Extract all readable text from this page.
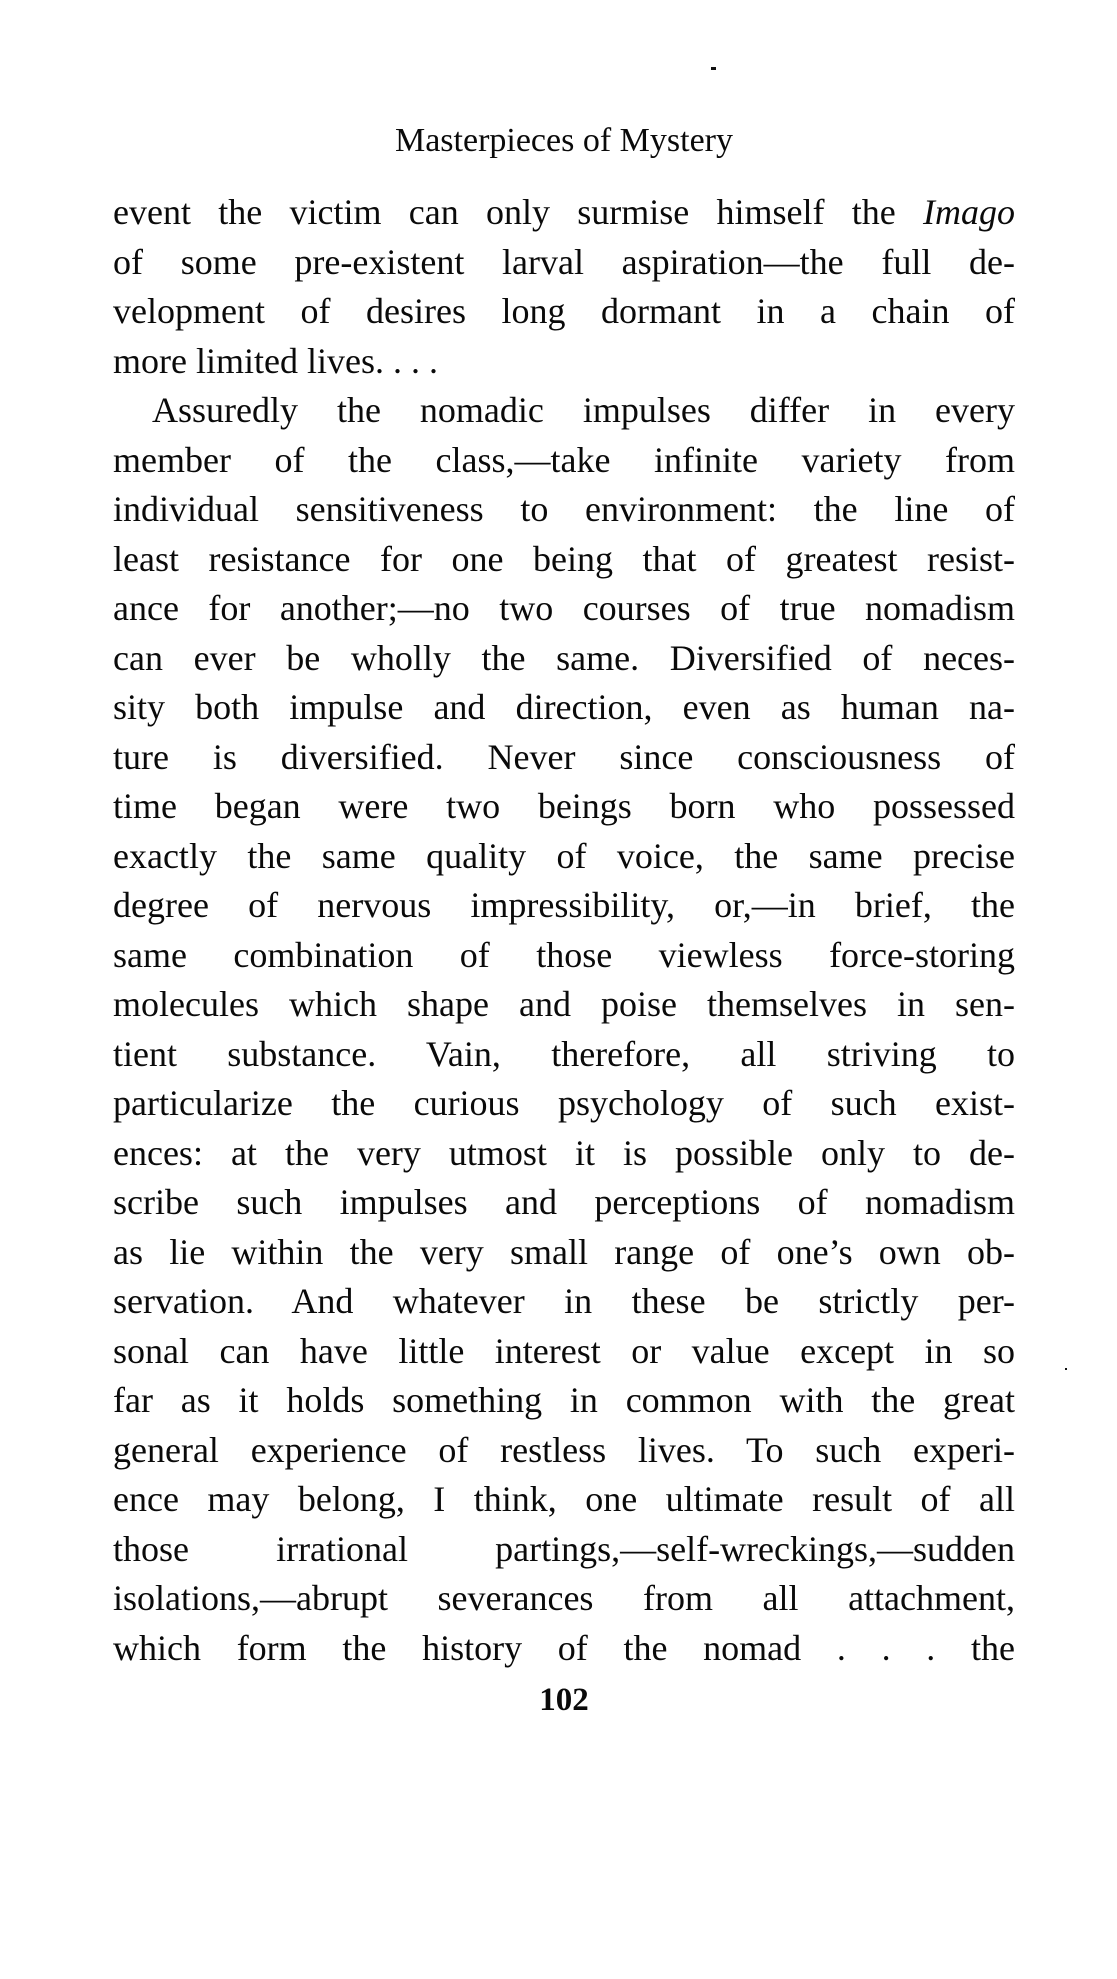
Masterpieces of Mystery
event the victim can only surmise himself the Imago
of some pre-existent larval aspiration—the full de-
velopment of desires long dormant in a chain of
more limited lives. . . .
Assuredly the nomadic impulses differ in every
member of the class,—take infinite variety from
individual sensitiveness to environment: the line of
least resistance for one being that of greatest resist-
ance for another;—no two courses of true nomadism
can ever be wholly the same. Diversified of neces-
sity both impulse and direction, even as human na-
ture is diversified. Never since consciousness of
time began were two beings born who possessed
exactly the same quality of voice, the same precise
degree of nervous impressibility, or,—in brief, the
same combination of those viewless force-storing
molecules which shape and poise themselves in sen-
tient substance. Vain, therefore, all striving to
particularize the curious psychology of such exist-
ences: at the very utmost it is possible only to de-
scribe such impulses and perceptions of nomadism
as lie within the very small range of one’s own ob-
servation. And whatever in these be strictly per-
sonal can have little interest or value except in so
far as it holds something in common with the great
general experience of restless lives. To such experi-
ence may belong, I think, one ultimate result of all
those irrational partings,—self-wreckings,—sudden
isolations,—abrupt severances from all attachment,
which form the history of the nomad . . . the
102
